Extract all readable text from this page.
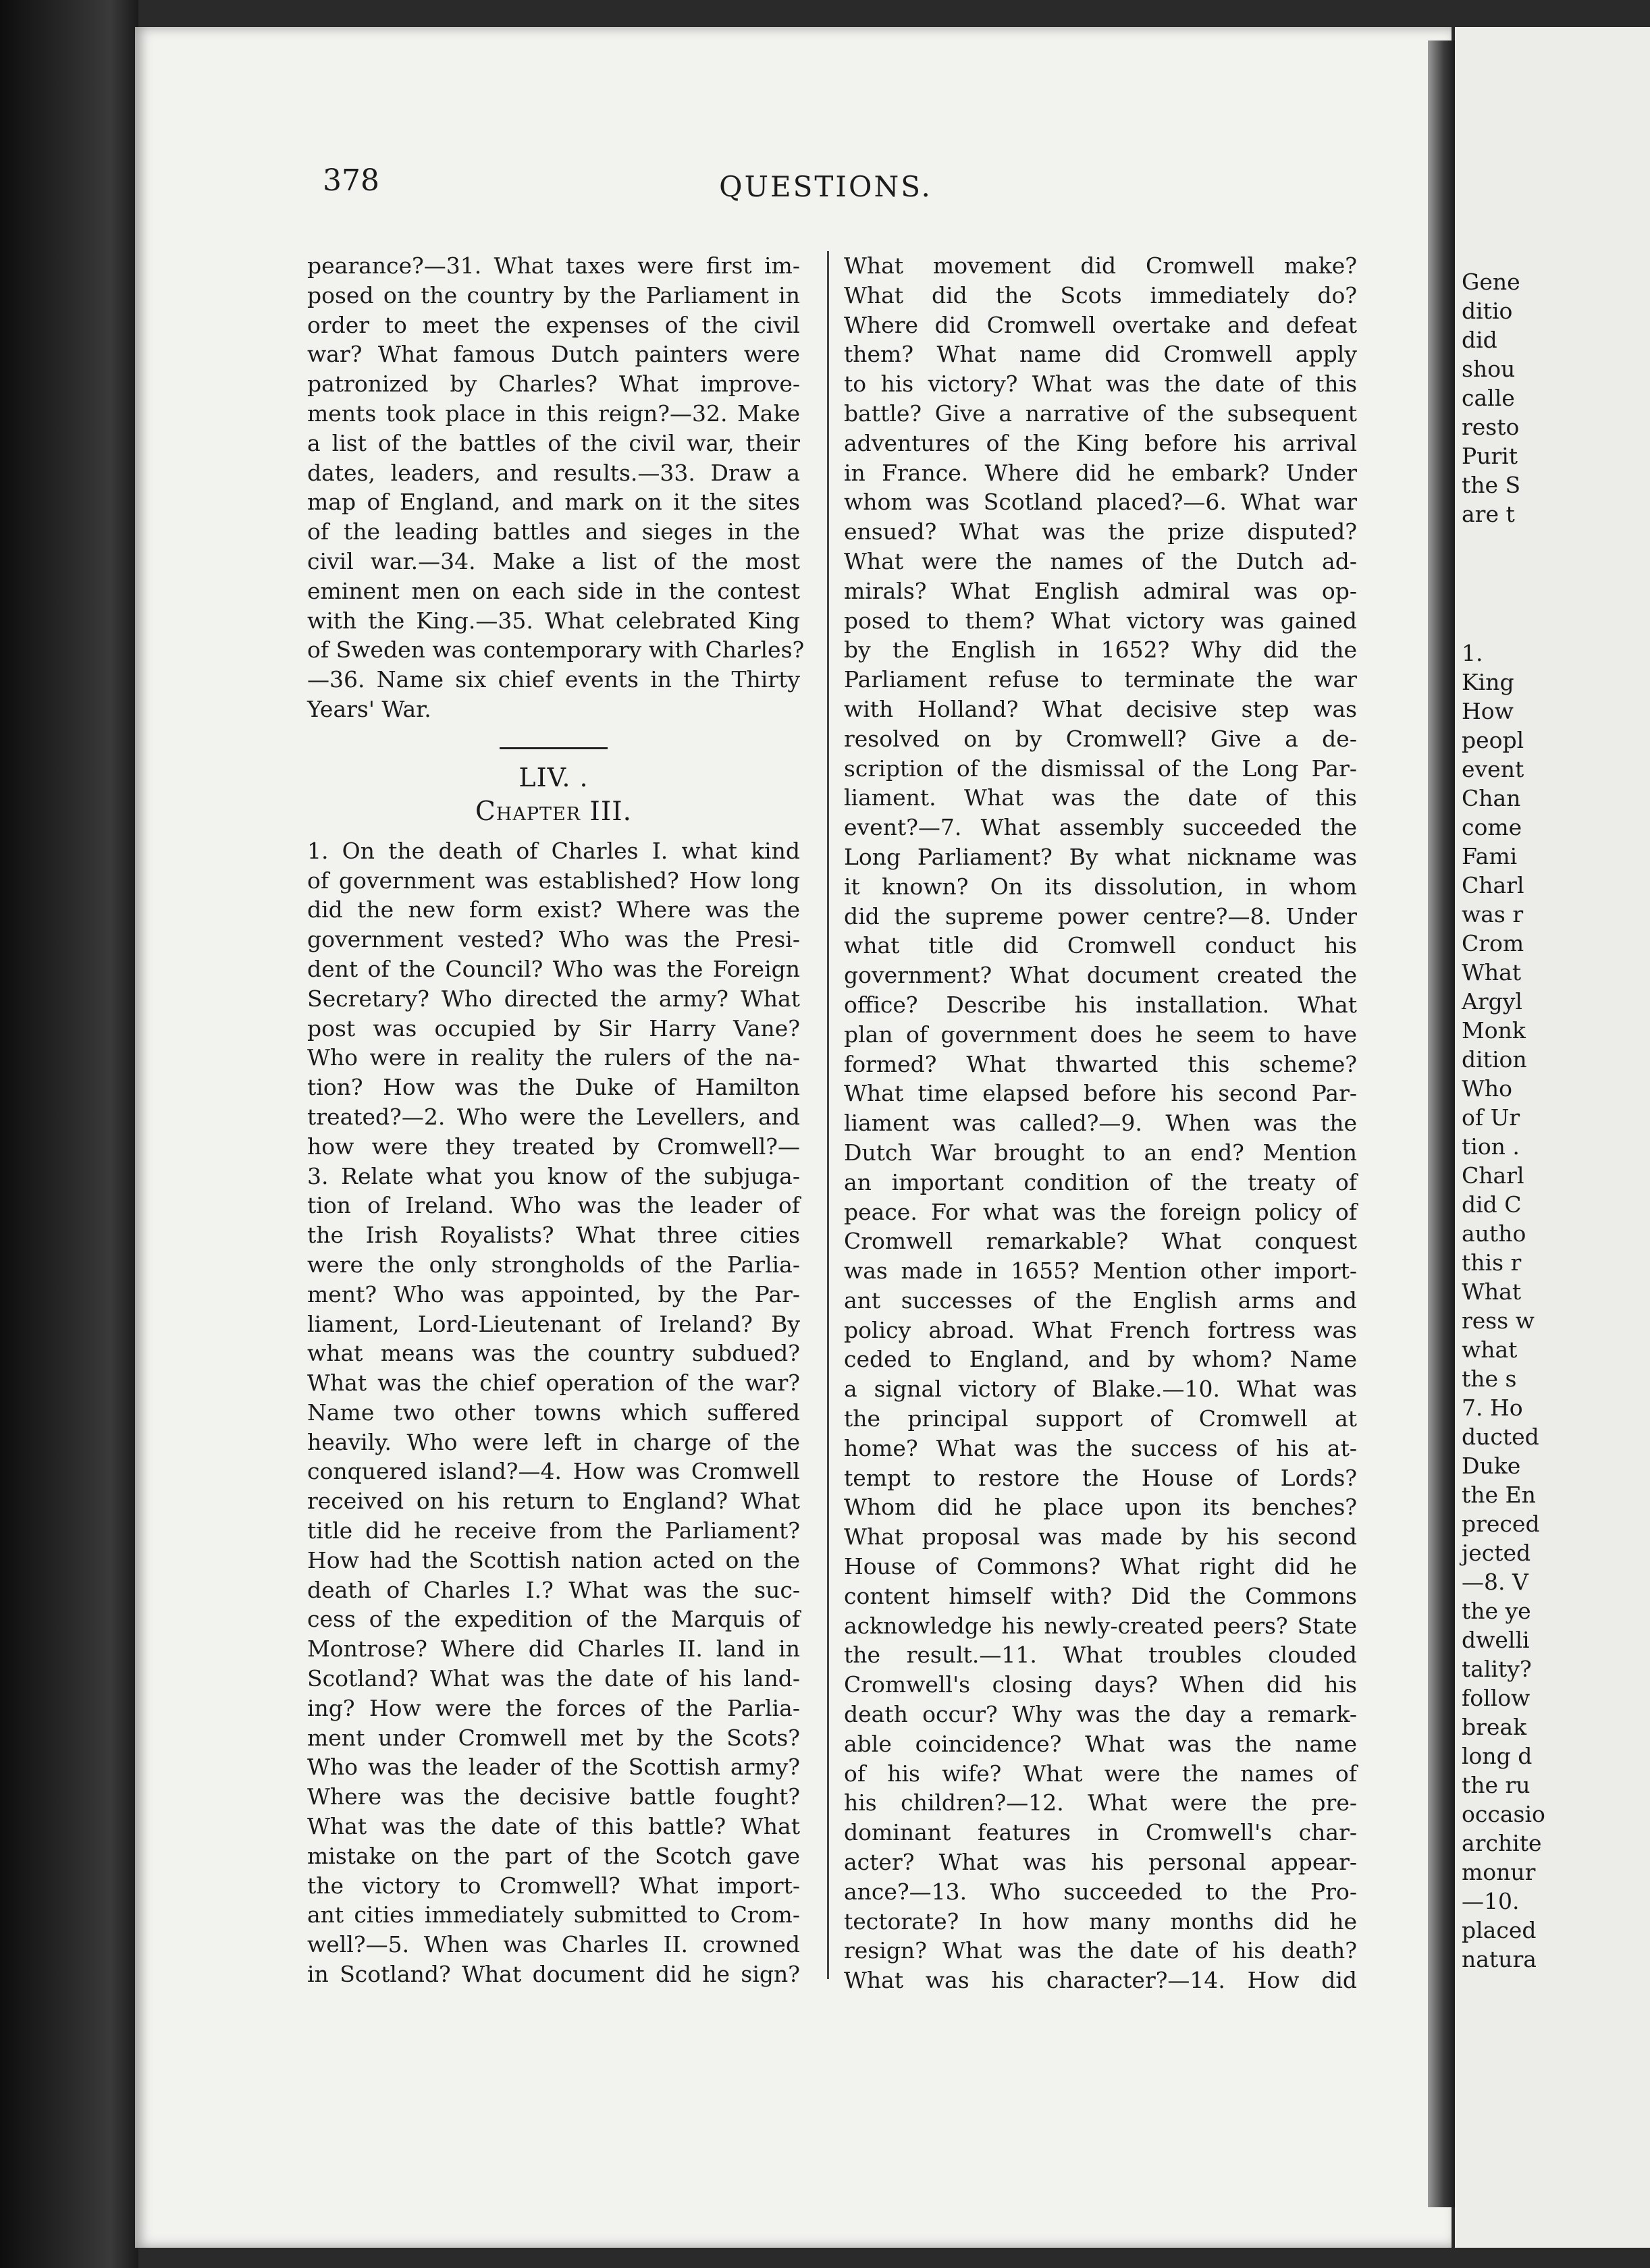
Gene
ditio
did
shou
calle
resto
Purit
the S
are t
1.
King
How
peopl
event
Chan
come
Fami
Charl
was r
Crom
What
Argyl
Monk
dition
Who
of Ur
tion .
Charl
did C
autho
this r
What
ress w
what
the s
7. Ho
ducted
Duke
the En
preced
jected
—8. V
the ye
dwelli
tality?
follow
break
long d
the ru
occasio
archite
monur
—10.
placed
natura
378	QUESTIONS.
pearance?—31. What taxes were first im-
posed on the country by the Parliament in
order to meet the expenses of the civil
war? What famous Dutch painters were
patronized by Charles? What improve-
ments took place in this reign?—32. Make
a list of the battles of the civil war, their
dates, leaders, and results.—33. Draw a
map of England, and mark on it the sites
of the leading battles and sieges in the
civil war.—34. Make a list of the most
eminent men on each side in the contest
with the King.—35. What celebrated King
of Sweden was contemporary with Charles?
—36. Name six chief events in the Thirty
Years' War.
LIV. .
Chapter III.
1. On the death of Charles I. what kind
of government was established? How long
did the new form exist? Where was the
government vested? Who was the Presi-
dent of the Council? Who was the Foreign
Secretary? Who directed the army? What
post was occupied by Sir Harry Vane?
Who were in reality the rulers of the na-
tion? How was the Duke of Hamilton
treated?—2. Who were the Levellers, and
how were they treated by Cromwell?—
3. Relate what you know of the subjuga-
tion of Ireland. Who was the leader of
the Irish Royalists? What three cities
were the only strongholds of the Parlia-
ment? Who was appointed, by the Par-
liament, Lord-Lieutenant of Ireland? By
what means was the country subdued?
What was the chief operation of the war?
Name two other towns which suffered
heavily. Who were left in charge of the
conquered island?—4. How was Cromwell
received on his return to England? What
title did he receive from the Parliament?
How had the Scottish nation acted on the
death of Charles I.? What was the suc-
cess of the expedition of the Marquis of
Montrose? Where did Charles II. land in
Scotland? What was the date of his land-
ing? How were the forces of the Parlia-
ment under Cromwell met by the Scots?
Who was the leader of the Scottish army?
Where was the decisive battle fought?
What was the date of this battle? What
mistake on the part of the Scotch gave
the victory to Cromwell? What import-
ant cities immediately submitted to Crom-
well?—5. When was Charles II. crowned
in Scotland? What document did he sign?
What movement did Cromwell make?
What did the Scots immediately do?
Where did Cromwell overtake and defeat
them? What name did Cromwell apply
to his victory? What was the date of this
battle? Give a narrative of the subsequent
adventures of the King before his arrival
in France. Where did he embark? Under
whom was Scotland placed?—6. What war
ensued? What was the prize disputed?
What were the names of the Dutch ad-
mirals? What English admiral was op-
posed to them? What victory was gained
by the English in 1652? Why did the
Parliament refuse to terminate the war
with Holland? What decisive step was
resolved on by Cromwell? Give a de-
scription of the dismissal of the Long Par-
liament. What was the date of this
event?—7. What assembly succeeded the
Long Parliament? By what nickname was
it known? On its dissolution, in whom
did the supreme power centre?—8. Under
what title did Cromwell conduct his
government? What document created the
office? Describe his installation. What
plan of government does he seem to have
formed? What thwarted this scheme?
What time elapsed before his second Par-
liament was called?—9. When was the
Dutch War brought to an end? Mention
an important condition of the treaty of
peace. For what was the foreign policy of
Cromwell remarkable? What conquest
was made in 1655? Mention other import-
ant successes of the English arms and
policy abroad. What French fortress was
ceded to England, and by whom? Name
a signal victory of Blake.—10. What was
the principal support of Cromwell at
home? What was the success of his at-
tempt to restore the House of Lords?
Whom did he place upon its benches?
What proposal was made by his second
House of Commons? What right did he
content himself with? Did the Commons
acknowledge his newly-created peers? State
the result.—11. What troubles clouded
Cromwell's closing days? When did his
death occur? Why was the day a remark-
able coincidence? What was the name
of his wife? What were the names of
his children?—12. What were the pre-
dominant features in Cromwell's char-
acter? What was his personal appear-
ance?—13. Who succeeded to the Pro-
tectorate? In how many months did he
resign? What was the date of his death?
What was his character?—14. How did
